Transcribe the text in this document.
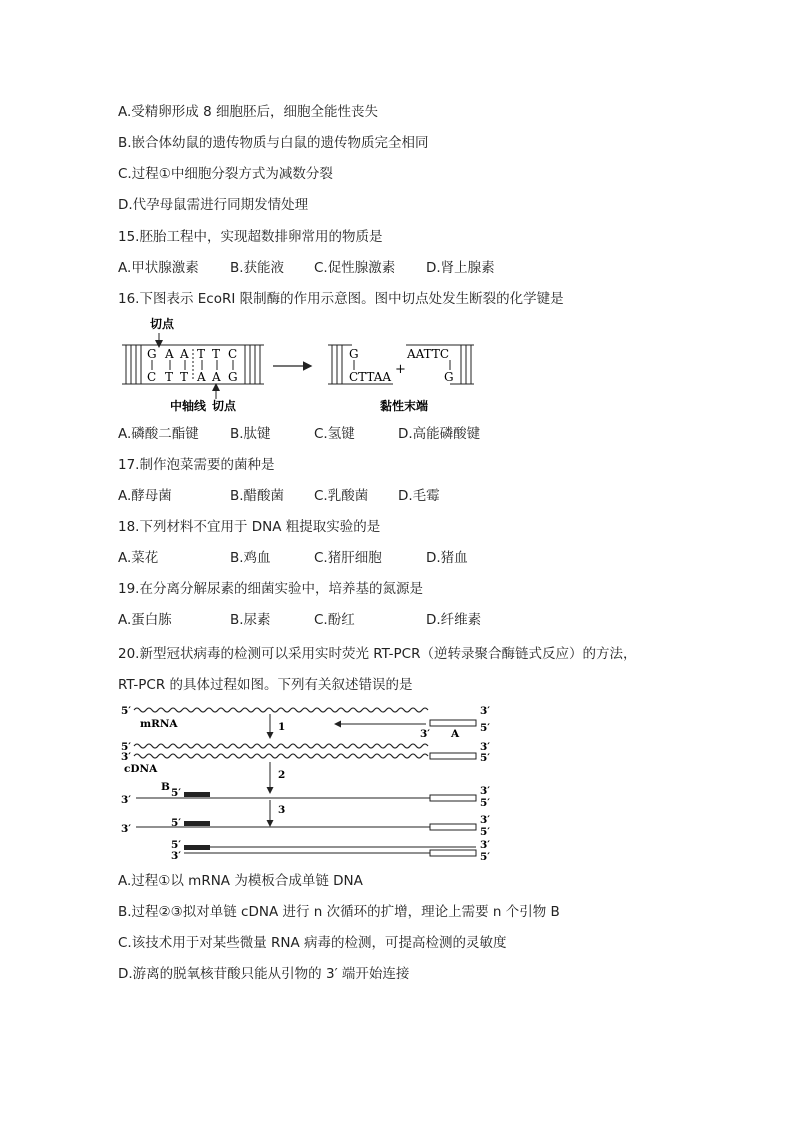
A.受精卵形成 8 细胞胚后，细胞全能性丧失
B.嵌合体幼鼠的遗传物质与白鼠的遗传物质完全相同
C.过程①中细胞分裂方式为减数分裂
D.代孕母鼠需进行同期发情处理
15.胚胎工程中，实现超数排卵常用的物质是
A.甲状腺激素 B.获能液 C.促性腺激素 D.肾上腺素
16.下图表示 EcoRI 限制酶的作用示意图。图中切点处发生断裂的化学键是
切点
G A A T T C
C T T A A G
中轴线 切点
G
CTTAA +
AATTC
G
黏性末端
A.磷酸二酯键 B.肽键	C.氢键	D.高能磷酸键
17.制作泡菜需要的菌种是
A.酵母菌	B.醋酸菌 C.乳酸菌 D.毛霉
18.下列材料不宜用于 DNA 粗提取实验的是
A.菜花	B.鸡血	C.猪肝细胞	D.猪血
19.在分离分解尿素的细菌实验中，培养基的氮源是
A.蛋白胨	B.尿素	C.酚红	D.纤维素
20.新型冠状病毒的检测可以采用实时荧光 RT-PCR（逆转录聚合酶链式反应）的方法，
RT-PCR 的具体过程如图。下列有关叙述错误的是
5′
mRNA
3′
1	5′
3′ A
5′	3′
3′	5′
cDNA	2
B
3′
5′	3′
5′
3
3′	5′	3′
5′
5′
3′
3′
5′
A.过程①以 mRNA 为模板合成单链 DNA
B.过程②③拟对单链 cDNA 进行 n 次循环的扩增，理论上需要 n 个引物 B
C.该技术用于对某些微量 RNA 病毒的检测，可提高检测的灵敏度
D.游离的脱氧核苷酸只能从引物的 3′ 端开始连接
